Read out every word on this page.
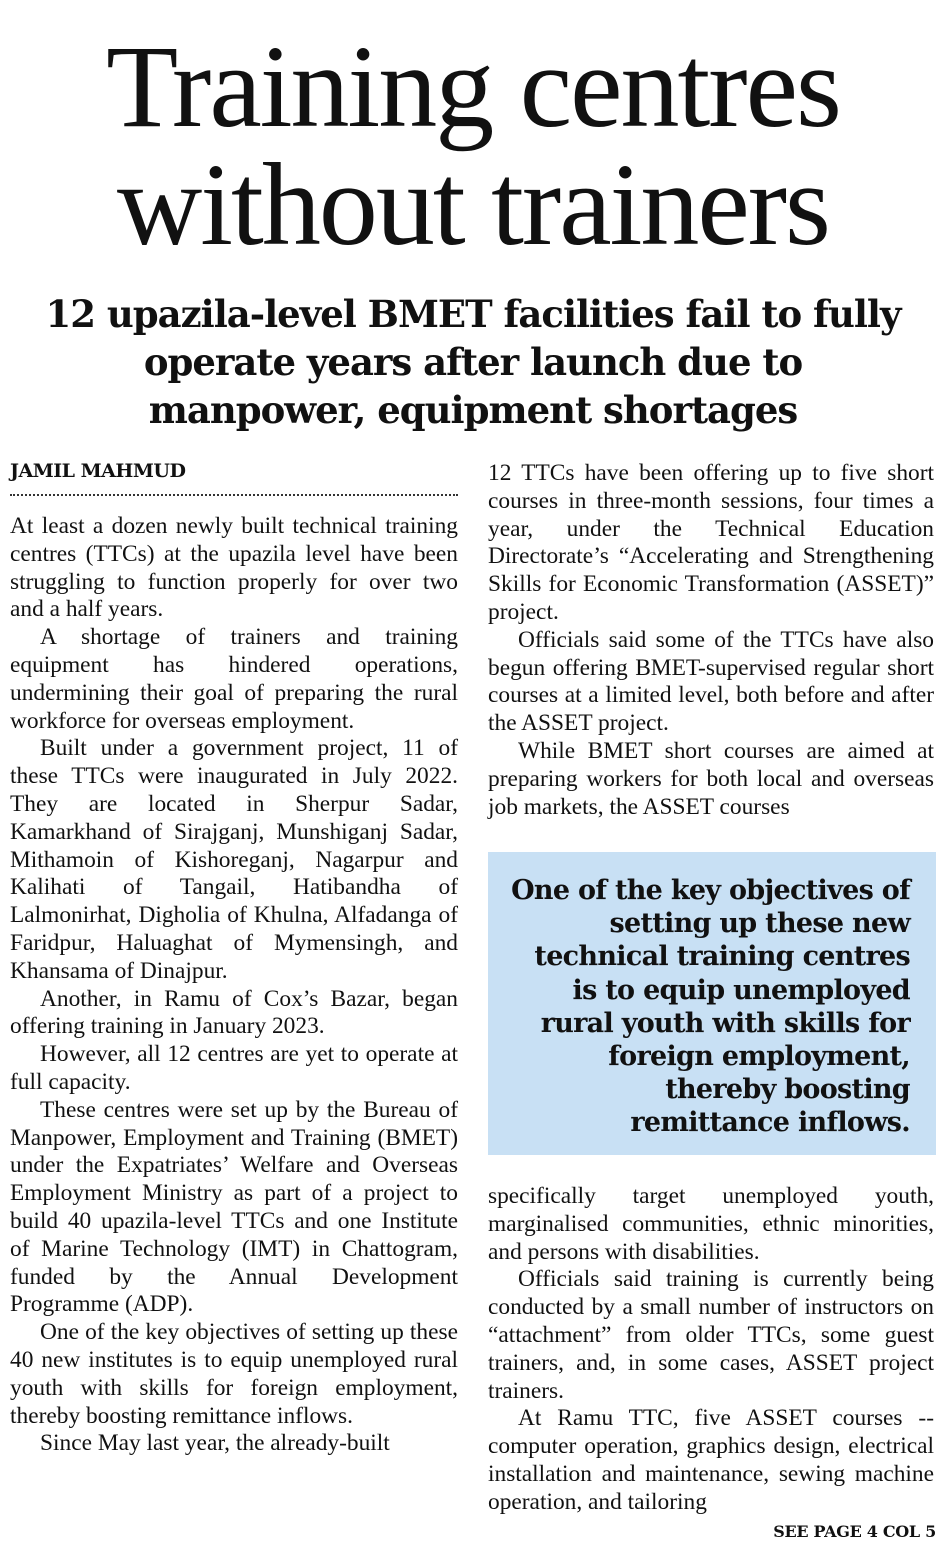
Training centres without trainers
12 upazila-level BMET facilities fail to fully operate years after launch due to manpower, equipment shortages
JAMIL MAHMUD

At least a dozen newly built technical training centres (TTCs) at the upazila level have been struggling to function properly for over two and a half years.

A shortage of trainers and training equipment has hindered operations, undermining their goal of preparing the rural workforce for overseas employment.

Built under a government project, 11 of these TTCs were inaugurated in July 2022. They are located in Sherpur Sadar, Kamarkhand of Sirajganj, Munshiganj Sadar, Mithamoin of Kishoreganj, Nagarpur and Kalihati of Tangail, Hatibandha of Lalmonirhat, Digholia of Khulna, Alfadanga of Faridpur, Haluaghat of Mymensingh, and Khansama of Dinajpur.

Another, in Ramu of Cox’s Bazar, began offering training in January 2023.

However, all 12 centres are yet to operate at full capacity.

These centres were set up by the Bureau of Manpower, Employment and Training (BMET) under the Expatriates’ Welfare and Overseas Employment Ministry as part of a project to build 40 upazila-level TTCs and one Institute of Marine Technology (IMT) in Chattogram, funded by the Annual Development Programme (ADP).

One of the key objectives of setting up these 40 new institutes is to equip unemployed rural youth with skills for foreign employment, thereby boosting remittance inflows.

Since May last year, the already-built

12 TTCs have been offering up to five short courses in three-month sessions, four times a year, under the Technical Education Directorate’s “Accelerating and Strengthening Skills for Economic Transformation (ASSET)” project.

Officials said some of the TTCs have also begun offering BMET-supervised regular short courses at a limited level, both before and after the ASSET project.

While BMET short courses are aimed at preparing workers for both local and overseas job markets, the ASSET courses

One of the key objectives of setting up these new technical training centres is to equip unemployed rural youth with skills for foreign employment, thereby boosting remittance inflows.

specifically target unemployed youth, marginalised communities, ethnic minorities, and persons with disabilities.

Officials said training is currently being conducted by a small number of instructors on “attachment” from older TTCs, some guest trainers, and, in some cases, ASSET project trainers.

At Ramu TTC, five ASSET courses -- computer operation, graphics design, electrical installation and maintenance, sewing machine operation, and tailoring

SEE PAGE 4 COL 5
